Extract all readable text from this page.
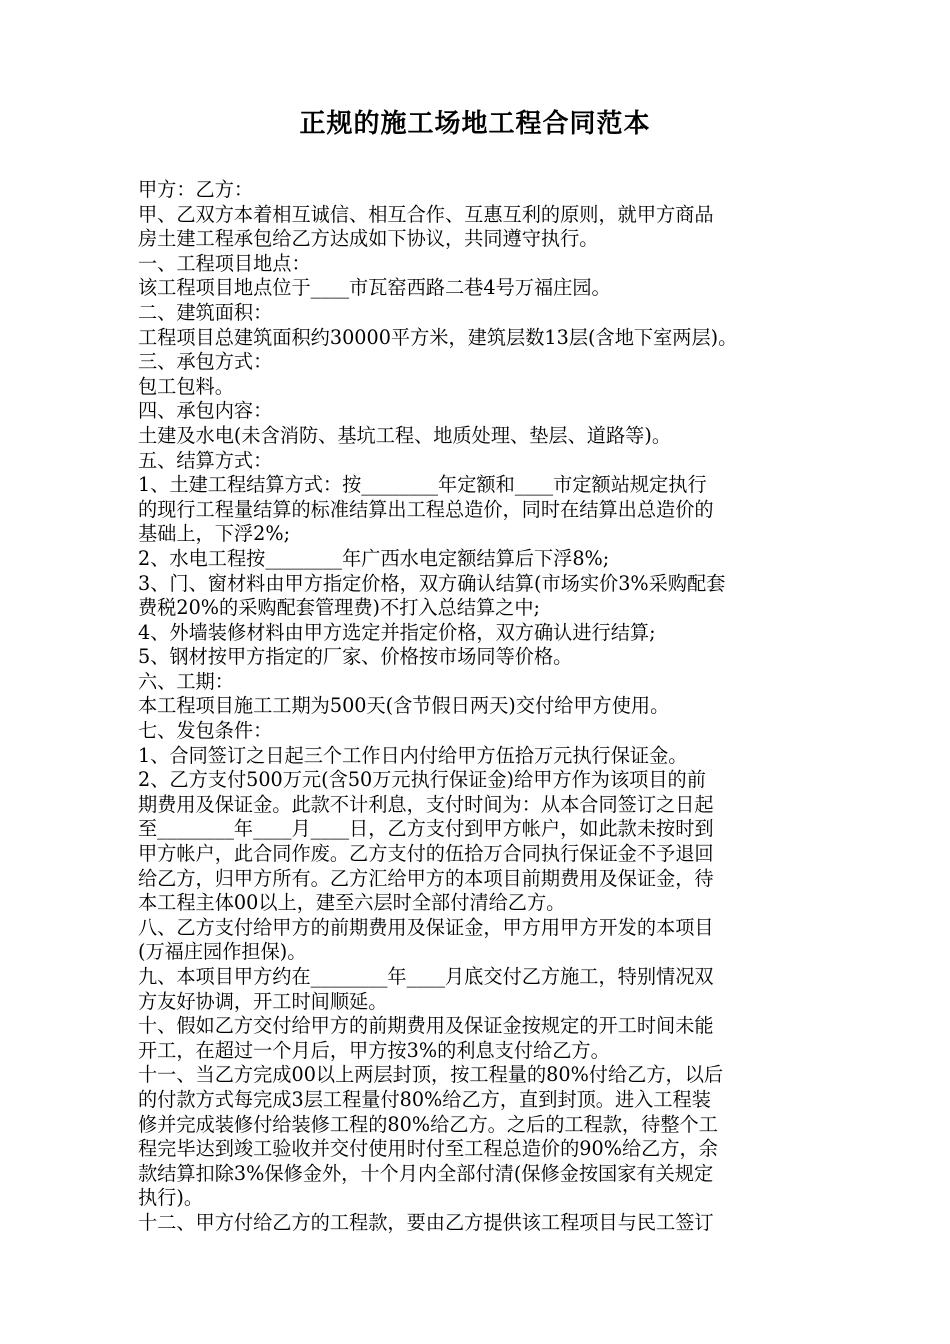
正规的施工场地工程合同范本
甲方：乙方：
甲、乙双方本着相互诚信、相互合作、互惠互利的原则，就甲方商品
房土建工程承包给乙方达成如下协议，共同遵守执行。
一、工程项目地点：
该工程项目地点位于____市瓦窑西路二巷4号万福庄园。
二、建筑面积：
工程项目总建筑面积约30000平方米，建筑层数13层(含地下室两层)。
三、承包方式：
包工包料。
四、承包内容：
土建及水电(未含消防、基坑工程、地质处理、垫层、道路等)。
五、结算方式：
1、土建工程结算方式：按________年定额和____市定额站规定执行
的现行工程量结算的标准结算出工程总造价，同时在结算出总造价的
基础上，下浮2%;
2、水电工程按________年广西水电定额结算后下浮8%;
3、门、窗材料由甲方指定价格，双方确认结算(市场实价3%采购配套
费税20%的采购配套管理费)不打入总结算之中;
4、外墙装修材料由甲方选定并指定价格，双方确认进行结算;
5、钢材按甲方指定的厂家、价格按市场同等价格。
六、工期：
本工程项目施工工期为500天(含节假日两天)交付给甲方使用。
七、发包条件：
1、合同签订之日起三个工作日内付给甲方伍拾万元执行保证金。
2、乙方支付500万元(含50万元执行保证金)给甲方作为该项目的前
期费用及保证金。此款不计利息，支付时间为：从本合同签订之日起
至________年____月____日，乙方支付到甲方帐户，如此款未按时到
甲方帐户，此合同作废。乙方支付的伍拾万合同执行保证金不予退回
给乙方，归甲方所有。乙方汇给甲方的本项目前期费用及保证金，待
本工程主体00以上，建至六层时全部付清给乙方。
八、乙方支付给甲方的前期费用及保证金，甲方用甲方开发的本项目
(万福庄园作担保)。
九、本项目甲方约在________年____月底交付乙方施工，特别情况双
方友好协调，开工时间顺延。
十、假如乙方交付给甲方的前期费用及保证金按规定的开工时间未能
开工，在超过一个月后，甲方按3%的利息支付给乙方。
十一、当乙方完成00以上两层封顶，按工程量的80%付给乙方，以后
的付款方式每完成3层工程量付80%给乙方，直到封顶。进入工程装
修并完成装修付给装修工程的80%给乙方。之后的工程款，待整个工
程完毕达到竣工验收并交付使用时付至工程总造价的90%给乙方，余
款结算扣除3%保修金外，十个月内全部付清(保修金按国家有关规定
执行)。
十二、甲方付给乙方的工程款，要由乙方提供该工程项目与民工签订
